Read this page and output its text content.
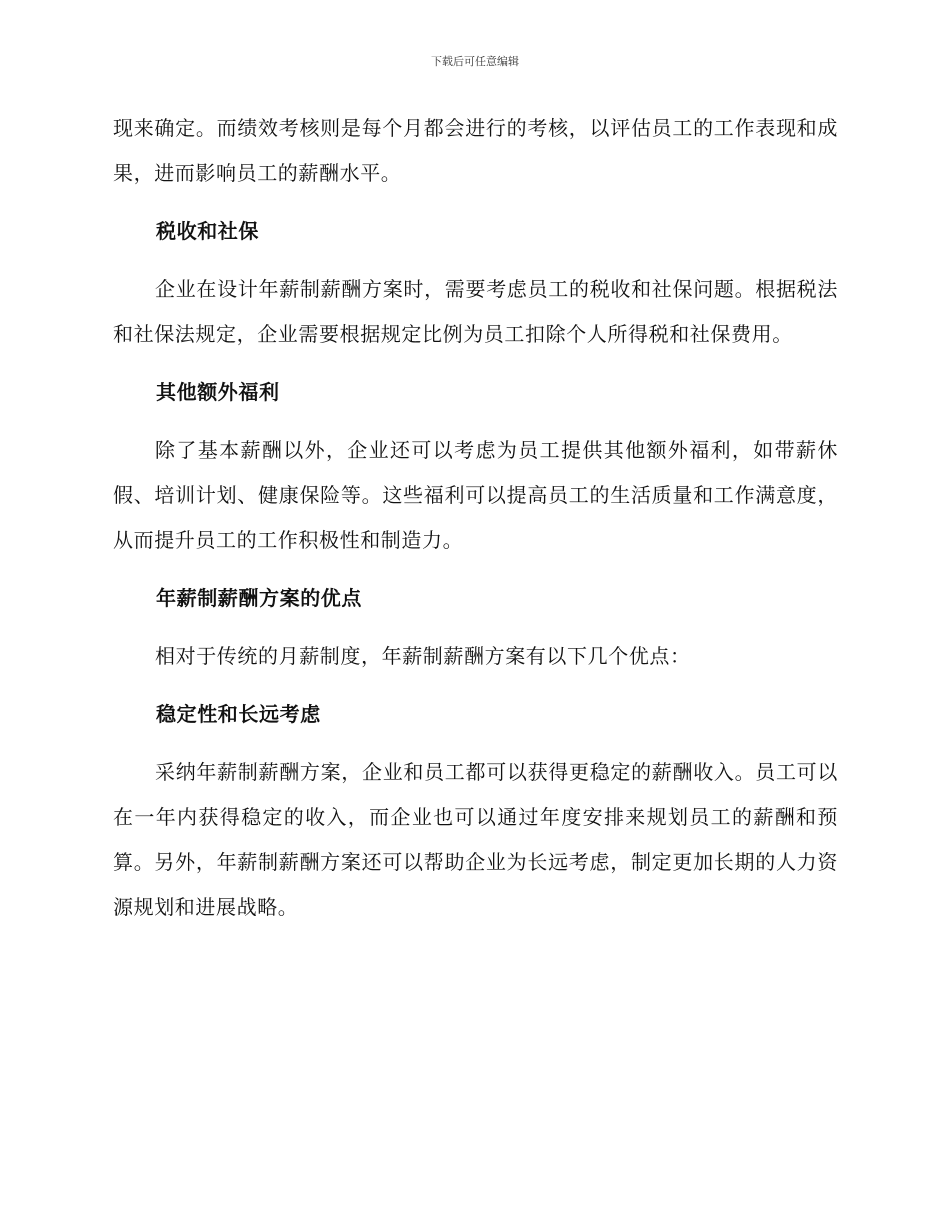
下载后可任意编辑

现来确定。而绩效考核则是每个月都会进行的考核，以评估员工的工作表现和成果，进而影响员工的薪酬水平。

税收和社保

企业在设计年薪制薪酬方案时，需要考虑员工的税收和社保问题。根据税法和社保法规定，企业需要根据规定比例为员工扣除个人所得税和社保费用。

其他额外福利

除了基本薪酬以外，企业还可以考虑为员工提供其他额外福利，如带薪休假、培训计划、健康保险等。这些福利可以提高员工的生活质量和工作满意度，从而提升员工的工作积极性和制造力。

年薪制薪酬方案的优点

相对于传统的月薪制度，年薪制薪酬方案有以下几个优点：

稳定性和长远考虑

采纳年薪制薪酬方案，企业和员工都可以获得更稳定的薪酬收入。员工可以在一年内获得稳定的收入，而企业也可以通过年度安排来规划员工的薪酬和预算。另外，年薪制薪酬方案还可以帮助企业为长远考虑，制定更加长期的人力资源规划和进展战略。
